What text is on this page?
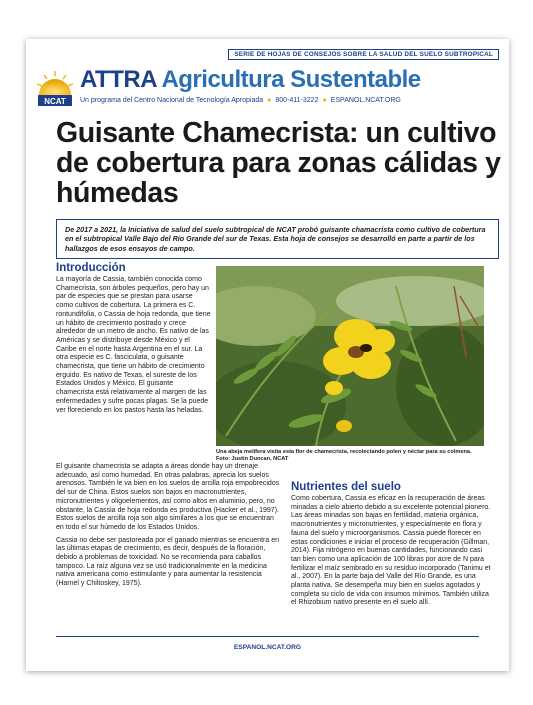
SERIE DE HOJAS DE CONSEJOS SOBRE LA SALUD DEL SUELO SUBTROPICAL
NCAT
ATTRA Agricultura Sustentable
Un programa del Centro Nacional de Tecnología Apropiada ● 800-411-3222 ● ESPANOL.NCAT.ORG
Guisante Chamecrista: un cultivo de cobertura para zonas cálidas y húmedas
De 2017 a 2021, la Iniciativa de salud del suelo subtropical de NCAT probó guisante chamacrista como cultivo de cobertura en el subtropical Valle Bajo del Río Grande del sur de Texas. Esta hoja de consejos se desarrolló en parte a partir de los hallazgos de esos ensayos de campo.
Introducción

La mayoría de Cassia, también conocida como Chamecrista, son árboles pequeños, pero hay un par de especies que se prestan para usarse como cultivos de cobertura. La primera es C. rontundifolia, o Cassia de hoja redonda, que tiene un hábito de crecimiento postrado y crece alrededor de un metro de ancho. Es nativo de las Américas y se distribuye desde México y el Caribe en el norte hasta Argentina en el sur. La otra especie es C. fasciculata, o guisante chamecrista, que tiene un hábito de crecimiento erguido. Es nativo de Texas, el sureste de los Estados Unidos y México. El guisante chamecrista está relativamente al margen de las enfermedades y sufre pocas plagas. Se la puede ver floreciendo en los pastos hasta las heladas.

Una abeja melífera visita esta flor de chamecrista, recolectando polen y néctar para su colmena. Foto: Justin Duncan, NCAT

El guisante chamecrista se adapta a áreas donde hay un drenaje adecuado, así como humedad. En otras palabras, aprecia los suelos arenosos. También le va bien en los suelos de arcilla roja empobrecidos del sur de China. Estos suelos son bajos en macronutrientes, micronutrientes y oligoelementos, así como altos en aluminio, pero, no obstante, la Cassia de hoja redonda es productiva (Hacker et al., 1997). Estos suelos de arcilla roja son algo similares a los que se encuentran en todo el sur húmedo de los Estados Unidos.

Cassia no debe ser pastoreada por el ganado mientras se encuentra en las últimas etapas de crecimiento, es decir, después de la floración, debido a problemas de toxicidad. No se recomienda para caballos tampoco. La raíz alguna vez se usó tradicionalmente en la medicina nativa americana como estimulante y para aumentar la resistencia (Harnel y Chiltoskey, 1975).

Nutrientes del suelo

Como cobertura, Cassia es eficaz en la recuperación de áreas minadas a cielo abierto debido a su excelente potencial pionero. Las áreas minadas son bajas en fertilidad, materia orgánica, macronutrientes y micronutrientes, y especialmente en flora y fauna del suelo y microorganismos. Cassia puede florecer en estas condiciones e iniciar el proceso de recuperación (Gillman, 2014). Fija nitrógeno en buenas cantidades, funcionando casi tan bien como una aplicación de 100 libras por acre de N para fertilizar el maíz sembrado en su residuo incorporado (Tanimu et al., 2007). En la parte baja del Valle del Río Grande, es una planta nativa. Se desempeña muy bien en suelos agotados y completa su ciclo de vida con insumos mínimos. También utiliza el Rhizobium nativo presente en el suelo allí.

ESPANOL.NCAT.ORG
